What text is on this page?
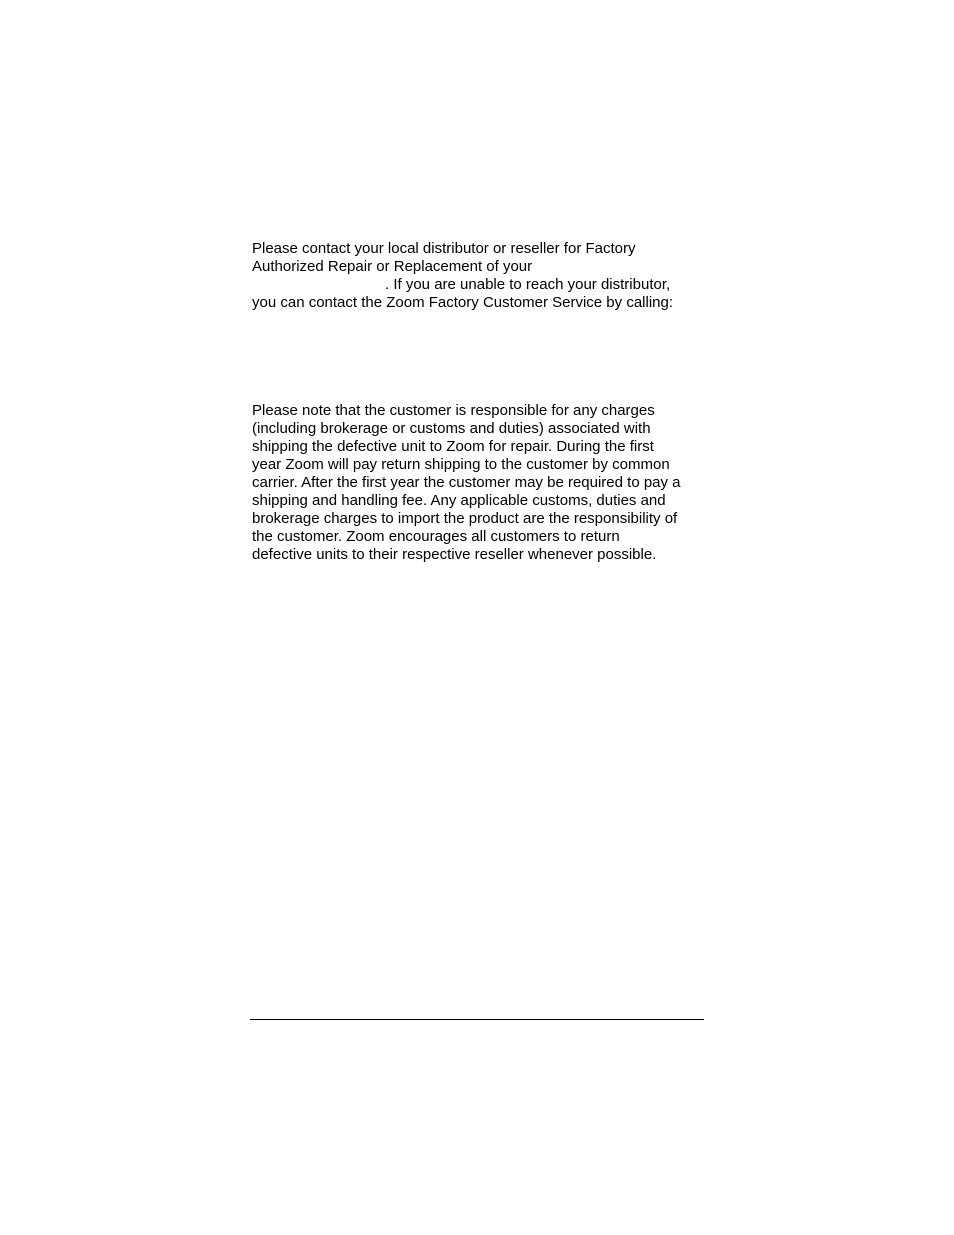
Please contact your local distributor or reseller for Factory
Authorized Repair or Replacement of your
. If you are unable to reach your distributor,
you can contact the Zoom Factory Customer Service by calling:
Please note that the customer is responsible for any charges
(including brokerage or customs and duties) associated with
shipping the defective unit to Zoom for repair. During the first
year Zoom will pay return shipping to the customer by common
carrier. After the first year the customer may be required to pay a
shipping and handling fee. Any applicable customs, duties and
brokerage charges to import the product are the responsibility of
the customer. Zoom encourages all customers to return
defective units to their respective reseller whenever possible.
